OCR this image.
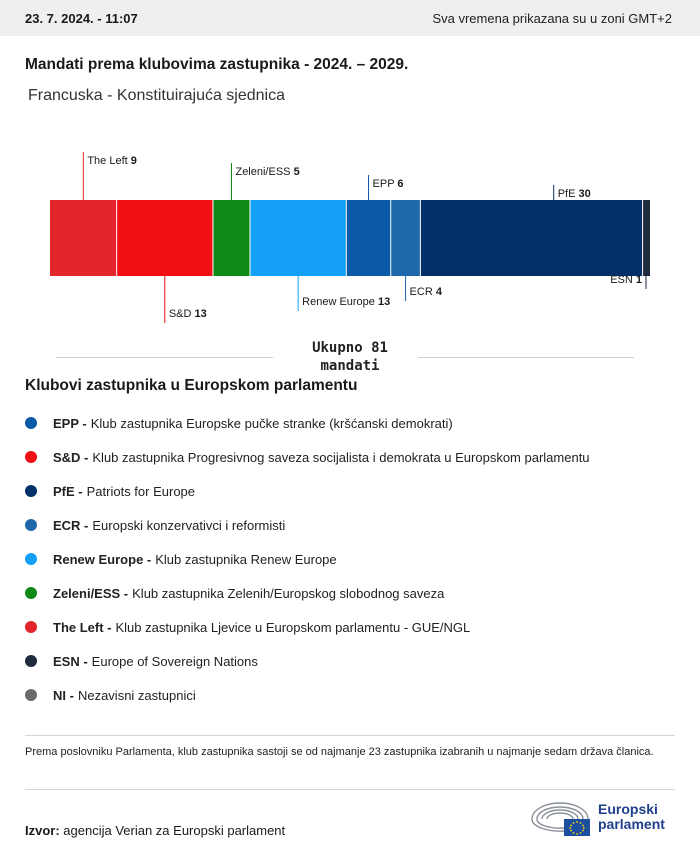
23. 7. 2024. - 11:07	Sva vremena prikazana su u zoni GMT+2
Mandati prema klubovima zastupnika - 2024. – 2029.
Francuska - Konstituirajuća sjednica
The Left 9
S&D 13
Zeleni/ESS 5
Renew Europe 13
EPP 6
ECR 4
PfE 30
ESN 1
Ukupno 81
mandati
Klubovi zastupnika u Europskom parlamentu
EPP - Klub zastupnika Europske pučke stranke (kršćanski demokrati)
S&D - Klub zastupnika Progresivnog saveza socijalista i demokrata u Europskom parlamentu
PfE - Patriots for Europe
ECR - Europski konzervativci i reformisti
Renew Europe - Klub zastupnika Renew Europe
Zeleni/ESS - Klub zastupnika Zelenih/Europskog slobodnog saveza
The Left - Klub zastupnika Ljevice u Europskom parlamentu - GUE/NGL
ESN - Europe of Sovereign Nations
NI - Nezavisni zastupnici
Prema poslovniku Parlamenta, klub zastupnika sastoji se od najmanje 23 zastupnika izabranih u najmanje sedam država članica.
Izvor: agencija Verian za Europski parlament
Europski
parlament
